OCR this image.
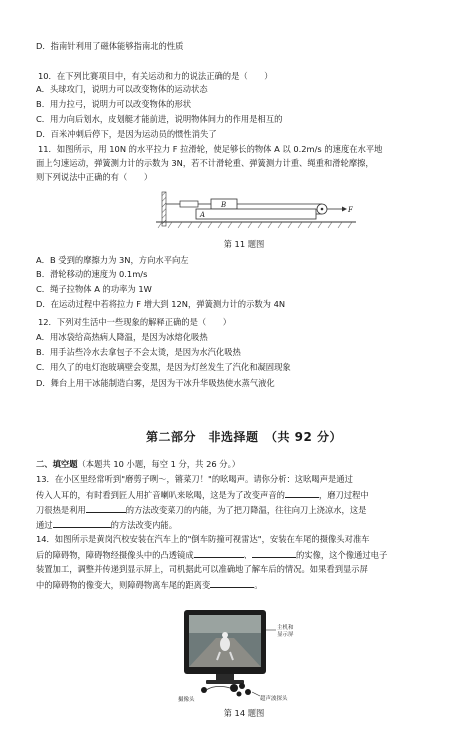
D．指南针利用了磁体能够指南北的性质
10．在下列比赛项目中，有关运动和力的说法正确的是（　　）
A．头球攻门，说明力可以改变物体的运动状态
B．用力拉弓，说明力可以改变物体的形状
C．用力向后划水，皮划艇才能前进，说明物体间力的作用是相互的
D．百米冲刺后停下，是因为运动员的惯性消失了
11．如图所示，用 10N 的水平拉力 F 拉滑轮，使足够长的物体 A 以 0.2m/s 的速度在水平地
面上匀速运动，弹簧测力计的示数为 3N，若不计滑轮重、弹簧测力计重、绳重和滑轮摩擦，
则下列说法中正确的有（　　）
B
A
F
第 11 题图
A．B 受到的摩擦力为 3N，方向水平向左
B．滑轮移动的速度为 0.1m/s
C．绳子拉物体 A 的功率为 1W
D．在运动过程中若将拉力 F 增大到 12N，弹簧测力计的示数为 4N
12．下列对生活中一些现象的解释正确的是（　　）
A．用冰袋给高热病人降温，是因为冰熔化吸热
B．用手沾些冷水去拿包子不会太烫，是因为水汽化吸热
C．用久了的电灯泡玻璃壁会变黑，是因为灯丝发生了汽化和凝固现象
D．舞台上用干冰能制造白雾，是因为干冰升华吸热使水蒸气液化
第二部分　非选择题　（共 92 分）
二、填空题（本题共 10 小题，每空 1 分，共 26 分。）
13．在小区里经常听到"磨剪子咧～，锵菜刀！"的吆喝声。请你分析：这吆喝声是通过
传入人耳的，有时看到匠人用扩音喇叭来吆喝，这是为了改变声音的	，磨刀过程中
刀很热是利用	的方法改变菜刀的内能，为了把刀降温，往往向刀上浇凉水，这是
通过	的方法改变内能。
14．如图所示是黄岗汽校安装在汽车上的"倒车防撞可视雷达"，安装在车尾的摄像头对准车
后的障碍物，障碍物经摄像头中的凸透镜成	、	的实像，这个像通过电子
装置加工，调整并传递到显示屏上，司机据此可以准确地了解车后的情况。如果看到显示屏
中的障碍物的像变大，则障碍物离车尾的距离变	。
主机和
显示屏
摄像头	超声波探头
第 14 题图
